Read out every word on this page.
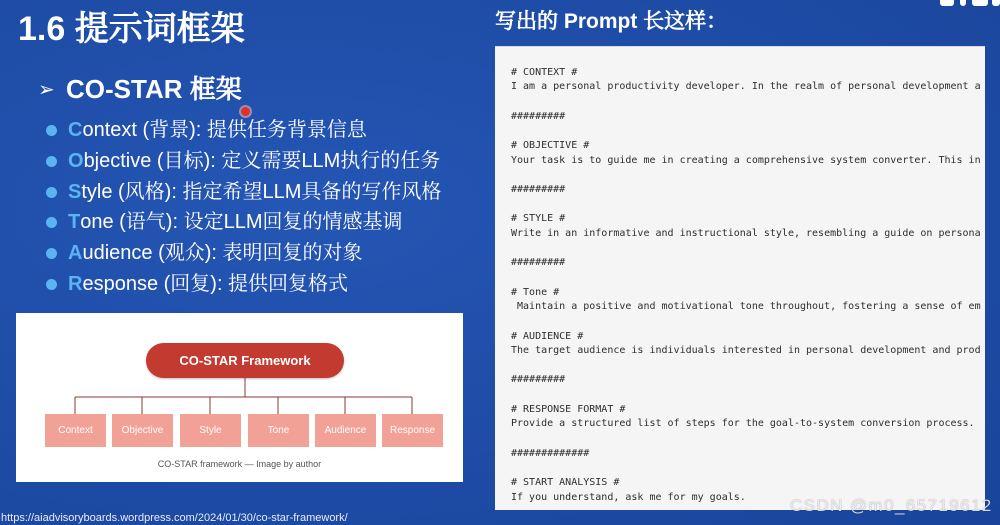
1.6 提示词框架
➢ CO-STAR 框架
Context (背景): 提供任务背景信息
Objective (目标): 定义需要LLM执行的任务
Style (风格): 指定希望LLM具备的写作风格
Tone (语气): 设定LLM回复的情感基调
Audience (观众): 表明回复的对象
Response (回复): 提供回复格式
CO-STAR Framework
Context	Objective	Style	Tone	Audience	Response
CO-STAR framework — Image by author
https://aiadvisoryboards.wordpress.com/2024/01/30/co-star-framework/
写出的 Prompt 长这样：
# CONTEXT #
I am a personal productivity developer. In the realm of personal development a
#########
# OBJECTIVE #
Your task is to guide me in creating a comprehensive system converter. This in
#########
# STYLE #
Write in an informative and instructional style, resembling a guide on persona
#########
# Tone #
Maintain a positive and motivational tone throughout, fostering a sense of em
# AUDIENCE #
The target audience is individuals interested in personal development and prod
#########
# RESPONSE FORMAT #
Provide a structured list of steps for the goal-to-system conversion process.
#############
# START ANALYSIS #
If you understand, ask me for my goals.	CSDN @m0_65719612
